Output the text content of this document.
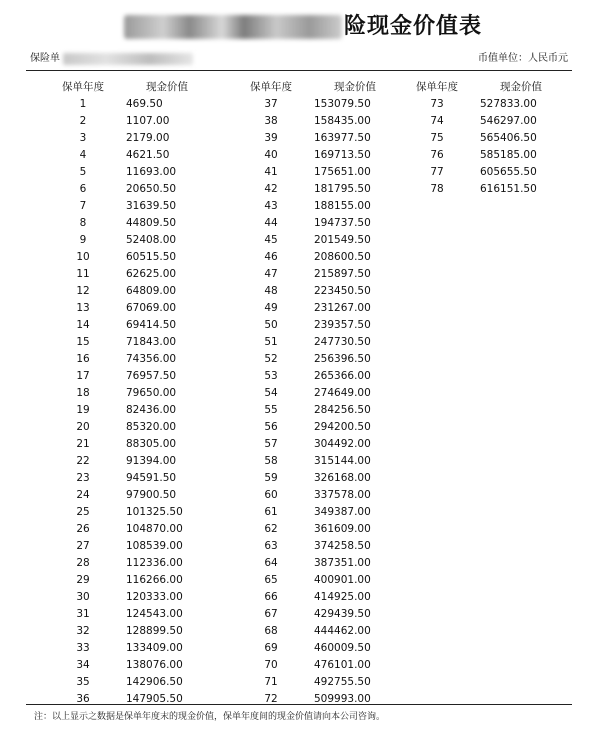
险现金价值表
保险单	币值单位：人民币元
保单年度	现金价值
1	469.50
2	1107.00
3	2179.00
4	4621.50
5	11693.00
6	20650.50
7	31639.50
8	44809.50
9	52408.00
10	60515.50
11	62625.00
12	64809.00
13	67069.00
14	69414.50
15	71843.00
16	74356.00
17	76957.50
18	79650.00
19	82436.00
20	85320.00
21	88305.00
22	91394.00
23	94591.50
24	97900.50
25	101325.50
26	104870.00
27	108539.00
28	112336.00
29	116266.00
30	120333.00
31	124543.00
32	128899.50
33	133409.00
34	138076.00
35	142906.50
36	147905.50
保单年度	现金价值
37	153079.50
38	158435.00
39	163977.50
40	169713.50
41	175651.00
42	181795.50
43	188155.00
44	194737.50
45	201549.50
46	208600.50
47	215897.50
48	223450.50
49	231267.00
50	239357.50
51	247730.50
52	256396.50
53	265366.00
54	274649.00
55	284256.50
56	294200.50
57	304492.00
58	315144.00
59	326168.00
60	337578.00
61	349387.00
62	361609.00
63	374258.50
64	387351.00
65	400901.00
66	414925.00
67	429439.50
68	444462.00
69	460009.50
70	476101.00
71	492755.50
72	509993.00
保单年度	现金价值
73	527833.00
74	546297.00
75	565406.50
76	585185.00
77	605655.50
78	616151.50
注：以上显示之数据是保单年度末的现金价值，保单年度间的现金价值请向本公司咨询。
